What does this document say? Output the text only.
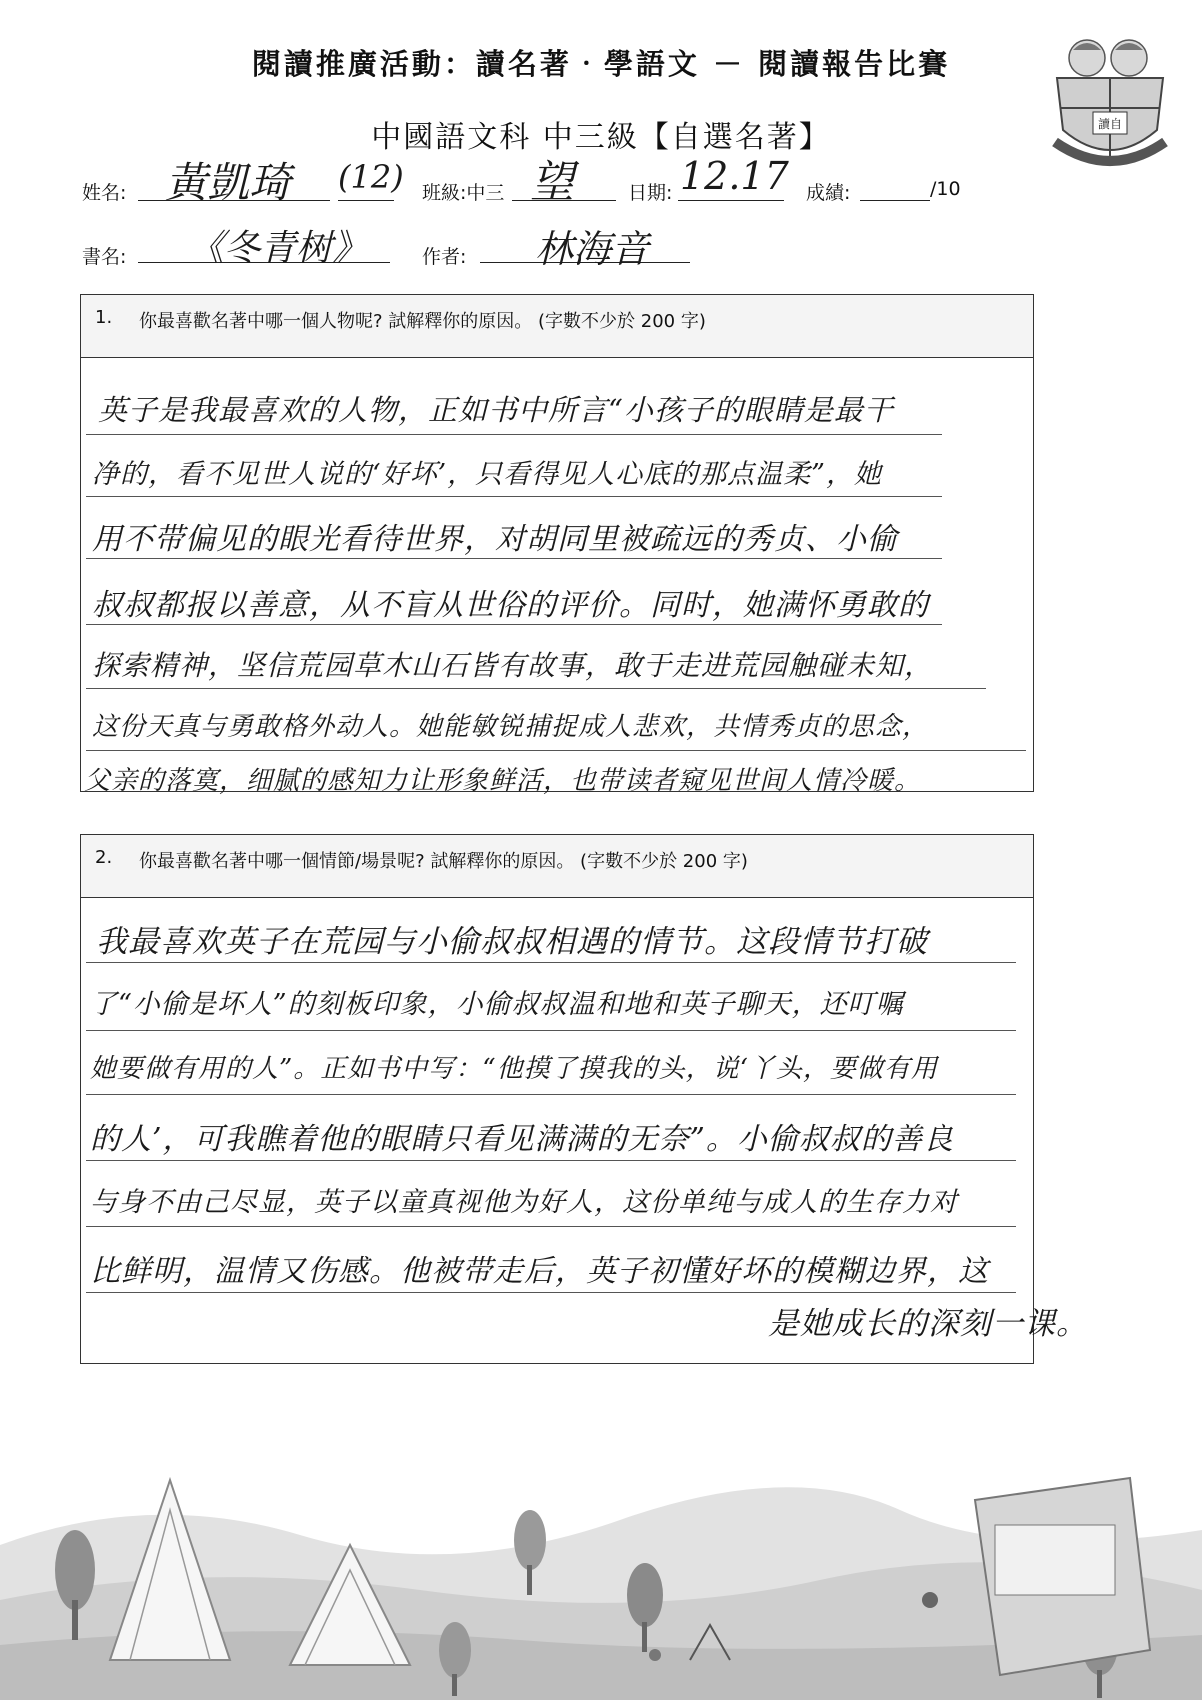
閱讀推廣活動：讀名著‧學語文 － 閱讀報告比賽
中國語文科 中三級【自選名著】	讀自
姓名: 黃凱琦 (12) 班級:中三 望	日期: 12.17 成績:	/10
書名: 《冬青树》	作者: 林海音
1. 你最喜歡名著中哪一個人物呢? 試解釋你的原因。 (字數不少於 200 字)
英子是我最喜欢的人物，正如书中所言“小孩子的眼睛是最干
净的，看不见世人说的‘好坏’，只看得见人心底的那点温柔”，她
用不带偏见的眼光看待世界，对胡同里被疏远的秀贞、小偷
叔叔都报以善意，从不盲从世俗的评价。同时，她满怀勇敢的
探索精神，坚信荒园草木山石皆有故事，敢于走进荒园触碰未知，
这份天真与勇敢格外动人。她能敏锐捕捉成人悲欢，共情秀贞的思念，
父亲的落寞，细腻的感知力让形象鲜活，也带读者窥见世间人情冷暖。
2. 你最喜歡名著中哪一個情節/場景呢? 試解釋你的原因。 (字數不少於 200 字)
我最喜欢英子在荒园与小偷叔叔相遇的情节。这段情节打破
了“小偷是坏人”的刻板印象，小偷叔叔温和地和英子聊天，还叮嘱
她要做有用的人”。正如书中写：“他摸了摸我的头，说‘丫头，要做有用
的人’，可我瞧着他的眼睛只看见满满的无奈”。小偷叔叔的善良
与身不由己尽显，英子以童真视他为好人，这份单纯与成人的生存力对
比鲜明，温情又伤感。他被带走后，英子初懂好坏的模糊边界，这
是她成长的深刻一课。
